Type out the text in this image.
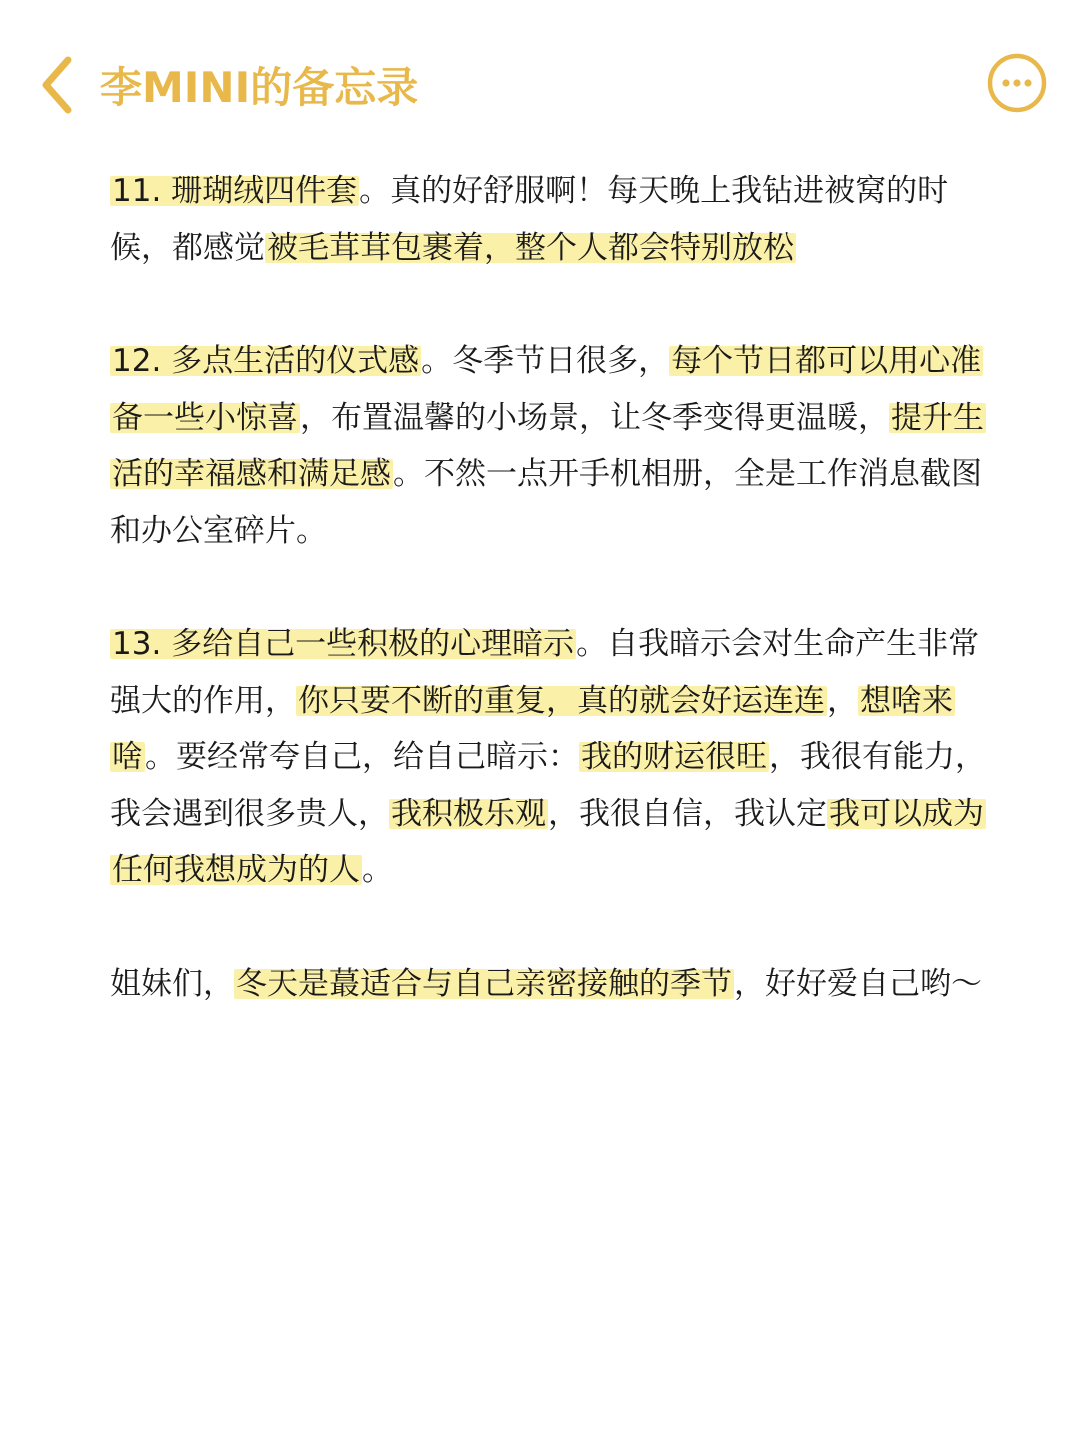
李MINI的备忘录

11. 珊瑚绒四件套。真的好舒服啊！每天晚上我钻进被窝的时候，都感觉被毛茸茸包裹着，整个人都会特别放松

12. 多点生活的仪式感。冬季节日很多，每个节日都可以用心准备一些小惊喜，布置温馨的小场景，让冬季变得更温暖，提升生活的幸福感和满足感。不然一点开手机相册，全是工作消息截图和办公室碎片。

13. 多给自己一些积极的心理暗示。自我暗示会对生命产生非常强大的作用，你只要不断的重复，真的就会好运连连，想啥来啥。要经常夸自己，给自己暗示：我的财运很旺，我很有能力，我会遇到很多贵人，我积极乐观，我很自信，我认定我可以成为任何我想成为的人。

姐妹们，冬天是蕞适合与自己亲密接触的季节，好好爱自己哟～
